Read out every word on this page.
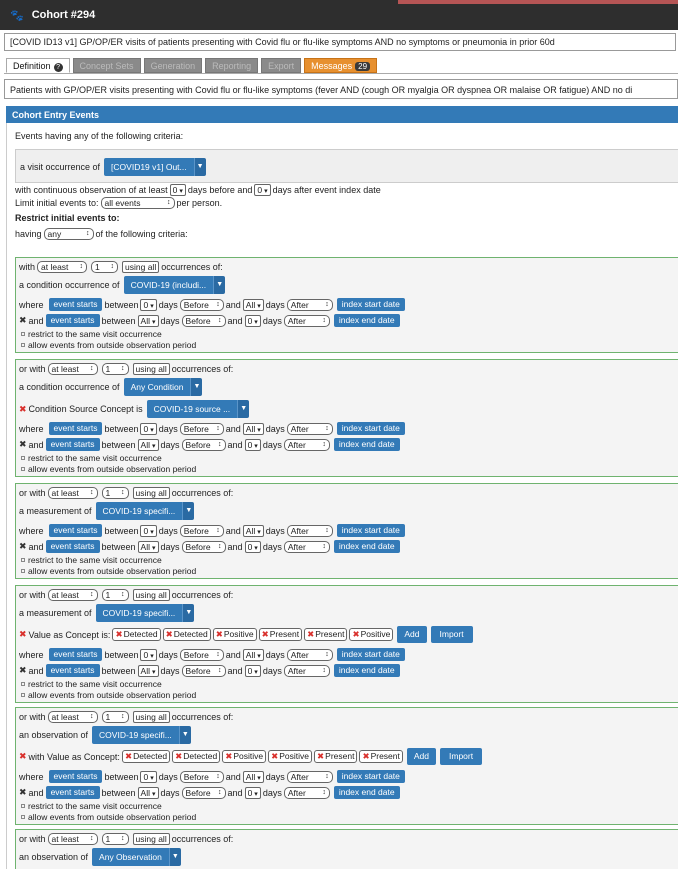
🐾 Cohort #294
[COVID ID13 v1] GP/OP/ER visits of patients presenting with Covid flu or flu-like symptoms AND no symptoms or pneumonia in prior 60d
Definition ?	Concept Sets	Generation	Reporting	Export	Messages 29
Patients with GP/OP/ER visits presenting with Covid flu or flu-like symptoms (fever AND (cough OR myalgia OR dyspnea OR malaise OR fatigue) AND no di
Cohort Entry Events
Events having any of the following criteria:
a visit occurrence of	[COVID19 v1] Out...	▼
with continuous observation of at least 0 ▾ days before and 0 ▾ days after event index date
Limit initial events to: all events	↕ per person.
Restrict initial events to:
having any	↕ of the following criteria:
with at least ↕	1 ↕	using all occurrences of:
a condition occurrence of	COVID-19 (includi...	▼
where	event starts between 0 ▾ days Before ↕ and All ▾ days After ↕	index start date
✖ and event starts between All ▾ days Before ↕ and 0 ▾ days After ↕	index end date
restrict to the same visit occurrence
allow events from outside observation period
or with at least ↕	1 ↕	using all occurrences of:
a condition occurrence of	Any Condition	▼
✖ Condition Source Concept is	COVID-19 source ...	▼
where	event starts between 0 ▾ days Before ↕ and All ▾ days After ↕	index start date
✖ and event starts between All ▾ days Before ↕ and 0 ▾ days After ↕	index end date
restrict to the same visit occurrence
allow events from outside observation period
or with at least ↕	1 ↕	using all occurrences of:
a measurement of	COVID-19 specifi...	▼
where	event starts between 0 ▾ days Before ↕ and All ▾ days After ↕	index start date
✖ and event starts between All ▾ days Before ↕ and 0 ▾ days After ↕	index end date
restrict to the same visit occurrence
allow events from outside observation period
or with at least ↕	1 ↕	using all occurrences of:
a measurement of	COVID-19 specifi...	▼
✖ Value as Concept is: ✖Detected ✖Detected ✖Positive ✖Present ✖Present ✖Positive	Add	Import
where	event starts between 0 ▾ days Before ↕ and All ▾ days After ↕	index start date
✖ and event starts between All ▾ days Before ↕ and 0 ▾ days After ↕	index end date
restrict to the same visit occurrence
allow events from outside observation period
or with at least ↕	1 ↕	using all occurrences of:
an observation of	COVID-19 specifi...	▼
✖ with Value as Concept: ✖Detected ✖Detected ✖Positive ✖Positive ✖Present ✖Present	Add	Import
where	event starts between 0 ▾ days Before ↕ and All ▾ days After ↕	index start date
✖ and event starts between All ▾ days Before ↕ and 0 ▾ days After ↕	index end date
restrict to the same visit occurrence
allow events from outside observation period
or with at least ↕	1 ↕	using all occurrences of:
an observation of	Any Observation	▼
